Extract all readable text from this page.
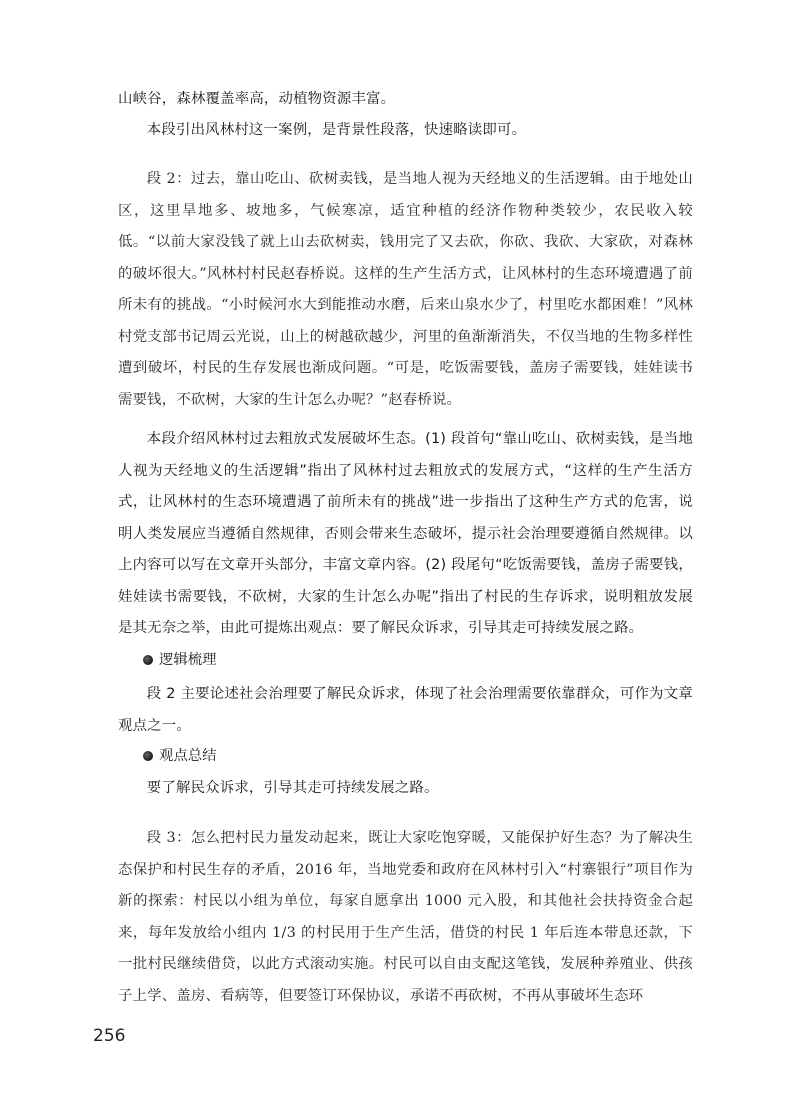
山峡谷，森林覆盖率高，动植物资源丰富。

本段引出风林村这一案例，是背景性段落，快速略读即可。

段 2：过去，靠山吃山、砍树卖钱，是当地人视为天经地义的生活逻辑。由于地处山区，这里旱地多、坡地多，气候寒凉，适宜种植的经济作物种类较少，农民收入较低。“以前大家没钱了就上山去砍树卖，钱用完了又去砍，你砍、我砍、大家砍，对森林的破坏很大。”风林村村民赵春桥说。这样的生产生活方式，让风林村的生态环境遭遇了前所未有的挑战。“小时候河水大到能推动水磨，后来山泉水少了，村里吃水都困难！”风林村党支部书记周云光说，山上的树越砍越少，河里的鱼渐渐消失，不仅当地的生物多样性遭到破坏，村民的生存发展也渐成问题。“可是，吃饭需要钱，盖房子需要钱，娃娃读书需要钱，不砍树，大家的生计怎么办呢？”赵春桥说。

本段介绍风林村过去粗放式发展破坏生态。(1) 段首句“靠山吃山、砍树卖钱，是当地人视为天经地义的生活逻辑”指出了风林村过去粗放式的发展方式，“这样的生产生活方式，让风林村的生态环境遭遇了前所未有的挑战”进一步指出了这种生产方式的危害，说明人类发展应当遵循自然规律，否则会带来生态破坏，提示社会治理要遵循自然规律。以上内容可以写在文章开头部分，丰富文章内容。(2) 段尾句“吃饭需要钱，盖房子需要钱，娃娃读书需要钱，不砍树，大家的生计怎么办呢”指出了村民的生存诉求，说明粗放发展是其无奈之举，由此可提炼出观点：要了解民众诉求，引导其走可持续发展之路。

逻辑梳理

段 2 主要论述社会治理要了解民众诉求，体现了社会治理需要依靠群众，可作为文章观点之一。

观点总结

要了解民众诉求，引导其走可持续发展之路。

段 3：怎么把村民力量发动起来，既让大家吃饱穿暖，又能保护好生态？为了解决生态保护和村民生存的矛盾，2016 年，当地党委和政府在风林村引入“村寨银行”项目作为新的探索：村民以小组为单位，每家自愿拿出 1000 元入股，和其他社会扶持资金合起来，每年发放给小组内 1/3 的村民用于生产生活，借贷的村民 1 年后连本带息还款，下一批村民继续借贷，以此方式滚动实施。村民可以自由支配这笔钱，发展种养殖业、供孩子上学、盖房、看病等，但要签订环保协议，承诺不再砍树，不再从事破坏生态环

256
